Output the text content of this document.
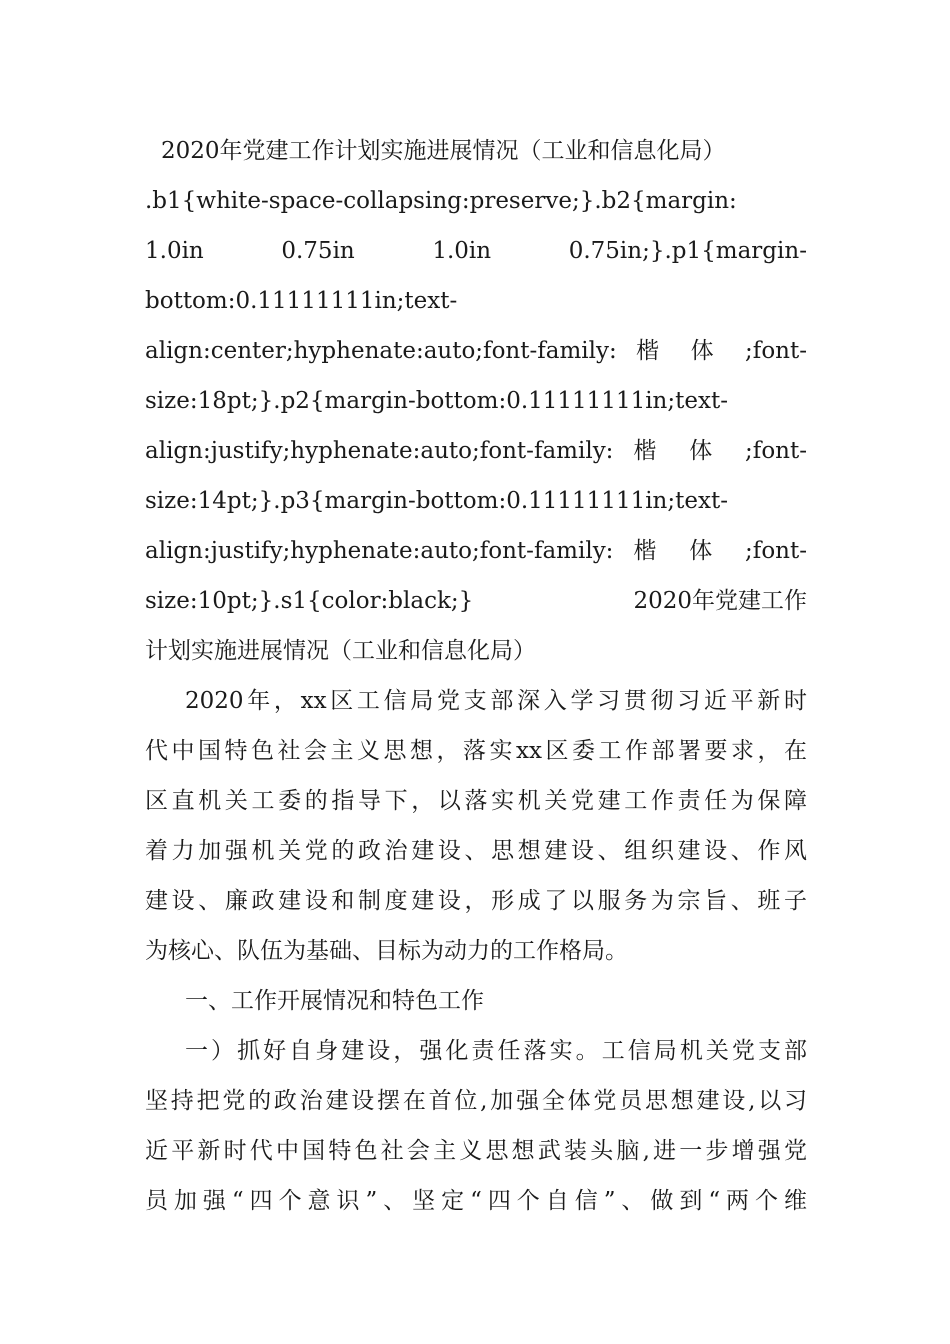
2020年党建工作计划实施进展情况（工业和信息化局）
.b1{white-space-collapsing:preserve;}.b2{margin:
1.0in	0.75in	1.0in	0.75in;}.p1{margin-
bottom:0.11111111in;text-
align:center;hyphenate:auto;font-family: 楷 体 ;font-
size:18pt;}.p2{margin-bottom:0.11111111in;text-
align:justify;hyphenate:auto;font-family: 楷 体 ;font-
size:14pt;}.p3{margin-bottom:0.11111111in;text-
align:justify;hyphenate:auto;font-family: 楷 体 ;font-
size:10pt;}.s1{color:black;}	2020年党建工作
计划实施进展情况（工业和信息化局）
2020年，xx区工信局党支部深入学习贯彻习近平新时
代中国特色社会主义思想，落实xx区委工作部署要求，在
区直机关工委的指导下，以落实机关党建工作责任为保障
着力加强机关党的政治建设、思想建设、组织建设、作风
建设、廉政建设和制度建设，形成了以服务为宗旨、班子
为核心、队伍为基础、目标为动力的工作格局。
一、工作开展情况和特色工作
一）抓好自身建设，强化责任落实。工信局机关党支部
坚持把党的政治建设摆在首位,加强全体党员思想建设,以习
近平新时代中国特色社会主义思想武装头脑,进一步增强党
员加强“四个意识”、坚定“四个自信”、做到“两个维
